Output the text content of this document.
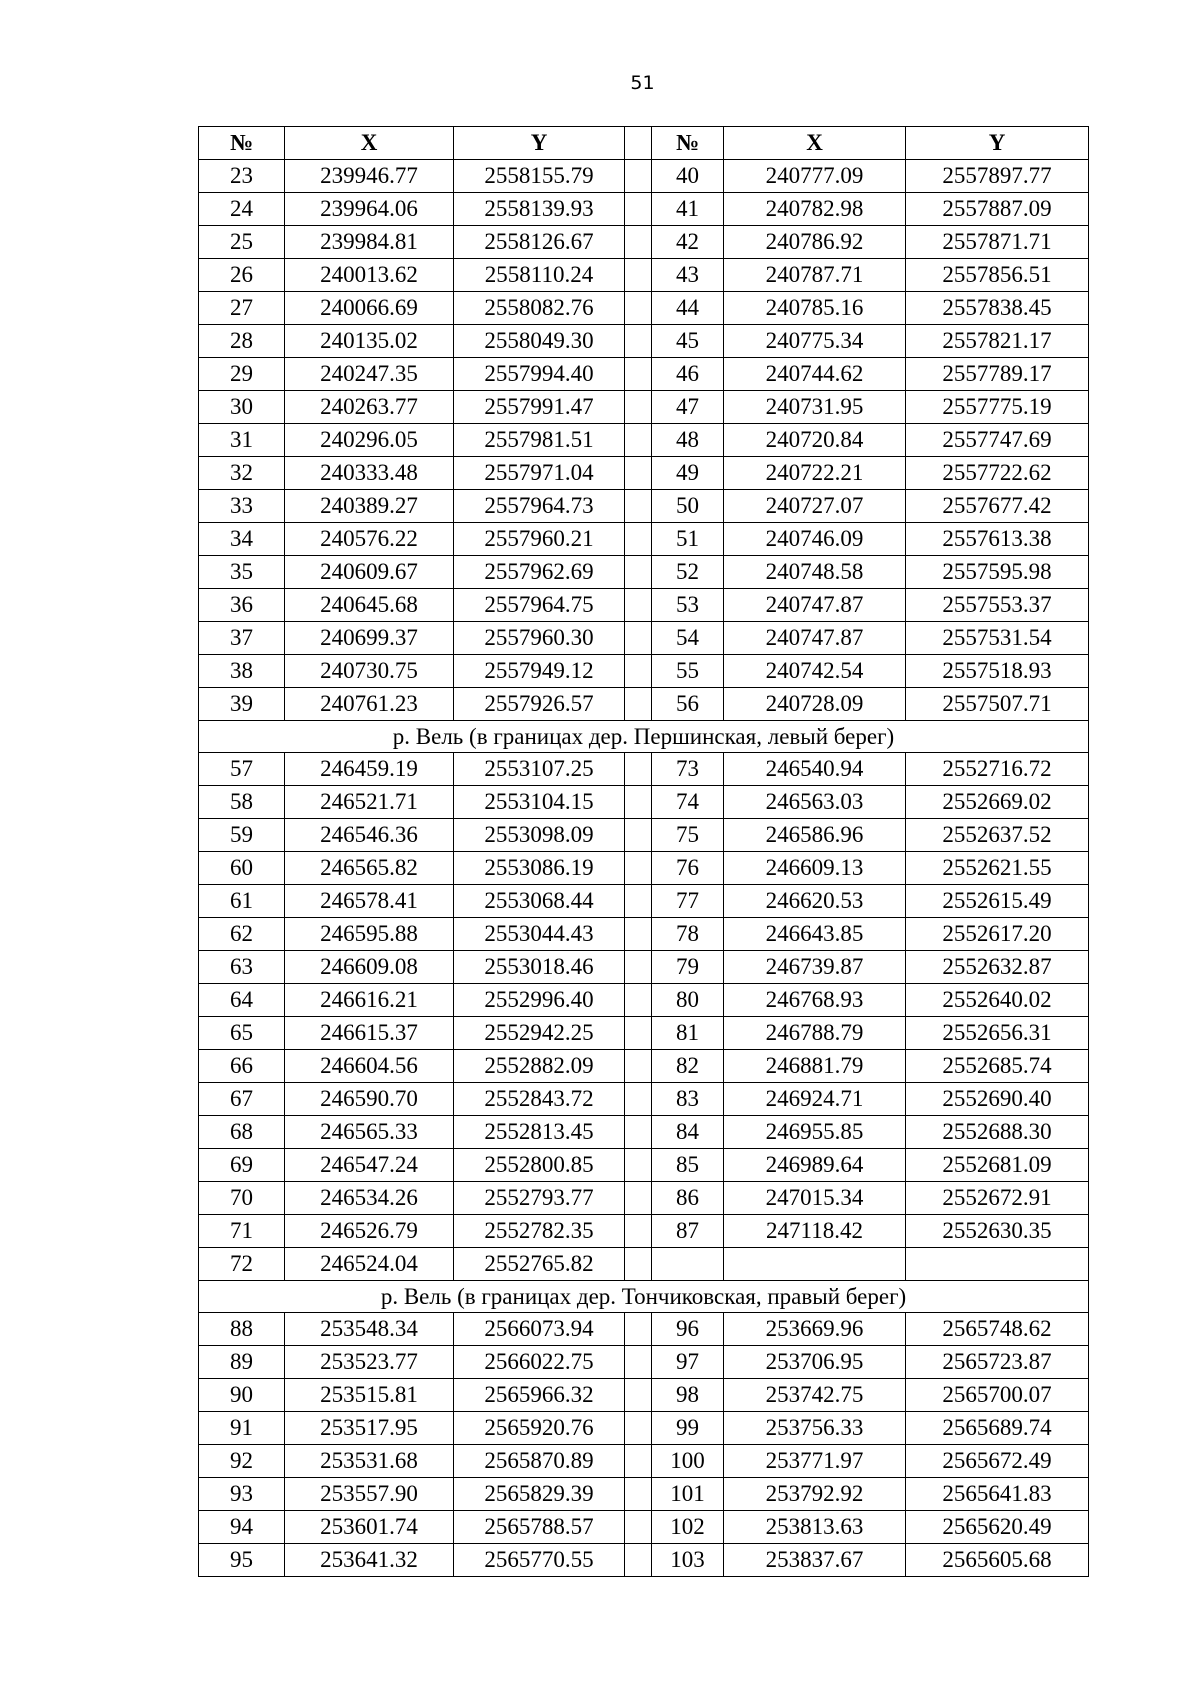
51
№	X	Y		№	X	Y
23	239946.77	2558155.79		40	240777.09	2557897.77
24	239964.06	2558139.93		41	240782.98	2557887.09
25	239984.81	2558126.67		42	240786.92	2557871.71
26	240013.62	2558110.24		43	240787.71	2557856.51
27	240066.69	2558082.76		44	240785.16	2557838.45
28	240135.02	2558049.30		45	240775.34	2557821.17
29	240247.35	2557994.40		46	240744.62	2557789.17
30	240263.77	2557991.47		47	240731.95	2557775.19
31	240296.05	2557981.51		48	240720.84	2557747.69
32	240333.48	2557971.04		49	240722.21	2557722.62
33	240389.27	2557964.73		50	240727.07	2557677.42
34	240576.22	2557960.21		51	240746.09	2557613.38
35	240609.67	2557962.69		52	240748.58	2557595.98
36	240645.68	2557964.75		53	240747.87	2557553.37
37	240699.37	2557960.30		54	240747.87	2557531.54
38	240730.75	2557949.12		55	240742.54	2557518.93
39	240761.23	2557926.57		56	240728.09	2557507.71
р. Вель (в границах дер. Першинская, левый берег)						
57	246459.19	2553107.25		73	246540.94	2552716.72
58	246521.71	2553104.15		74	246563.03	2552669.02
59	246546.36	2553098.09		75	246586.96	2552637.52
60	246565.82	2553086.19		76	246609.13	2552621.55
61	246578.41	2553068.44		77	246620.53	2552615.49
62	246595.88	2553044.43		78	246643.85	2552617.20
63	246609.08	2553018.46		79	246739.87	2552632.87
64	246616.21	2552996.40		80	246768.93	2552640.02
65	246615.37	2552942.25		81	246788.79	2552656.31
66	246604.56	2552882.09		82	246881.79	2552685.74
67	246590.70	2552843.72		83	246924.71	2552690.40
68	246565.33	2552813.45		84	246955.85	2552688.30
69	246547.24	2552800.85		85	246989.64	2552681.09
70	246534.26	2552793.77		86	247015.34	2552672.91
71	246526.79	2552782.35		87	247118.42	2552630.35
72	246524.04	2552765.82				
р. Вель (в границах дер. Тончиковская, правый берег)						
88	253548.34	2566073.94		96	253669.96	2565748.62
89	253523.77	2566022.75		97	253706.95	2565723.87
90	253515.81	2565966.32		98	253742.75	2565700.07
91	253517.95	2565920.76		99	253756.33	2565689.74
92	253531.68	2565870.89		100	253771.97	2565672.49
93	253557.90	2565829.39		101	253792.92	2565641.83
94	253601.74	2565788.57		102	253813.63	2565620.49
95	253641.32	2565770.55		103	253837.67	2565605.68
